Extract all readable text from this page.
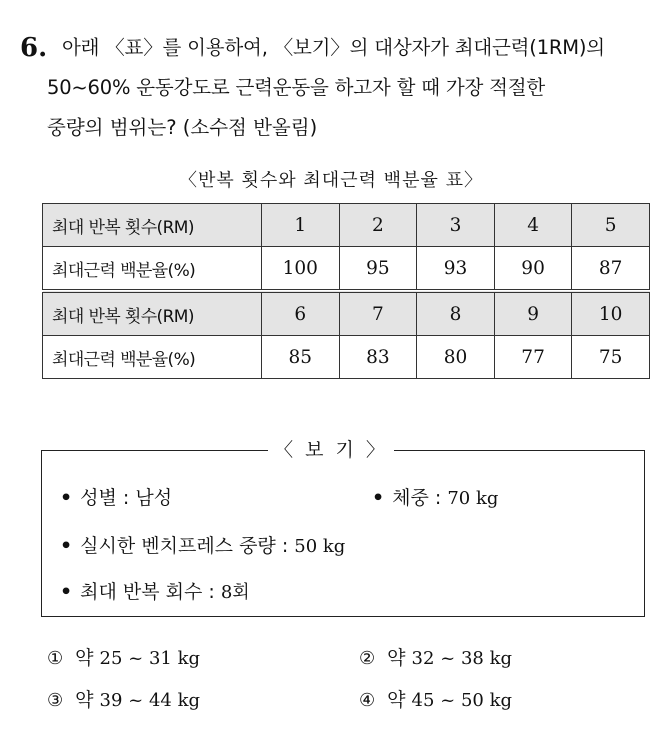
6. 아래 〈표〉를 이용하여, 〈보기〉의 대상자가 최대근력(1RM)의
50~60% 운동강도로 근력운동을 하고자 할 때 가장 적절한
중량의 범위는? (소수점 반올림)
〈반복 횟수와 최대근력 백분율 표〉
최대 반복 횟수(RM)	1	2	3	4	5
최대근력 백분율(%)	100	95	93	90	87
최대 반복 횟수(RM)	6	7	8	9	10
최대근력 백분율(%)	85	83	80	77	75
〈 보 기 〉
• 성별 : 남성	• 체중 : 70 kg
• 실시한 벤치프레스 중량 : 50 kg
• 최대 반복 회수 : 8회
① 약 25 ~ 31 kg	② 약 32 ~ 38 kg
③ 약 39 ~ 44 kg	④ 약 45 ~ 50 kg
